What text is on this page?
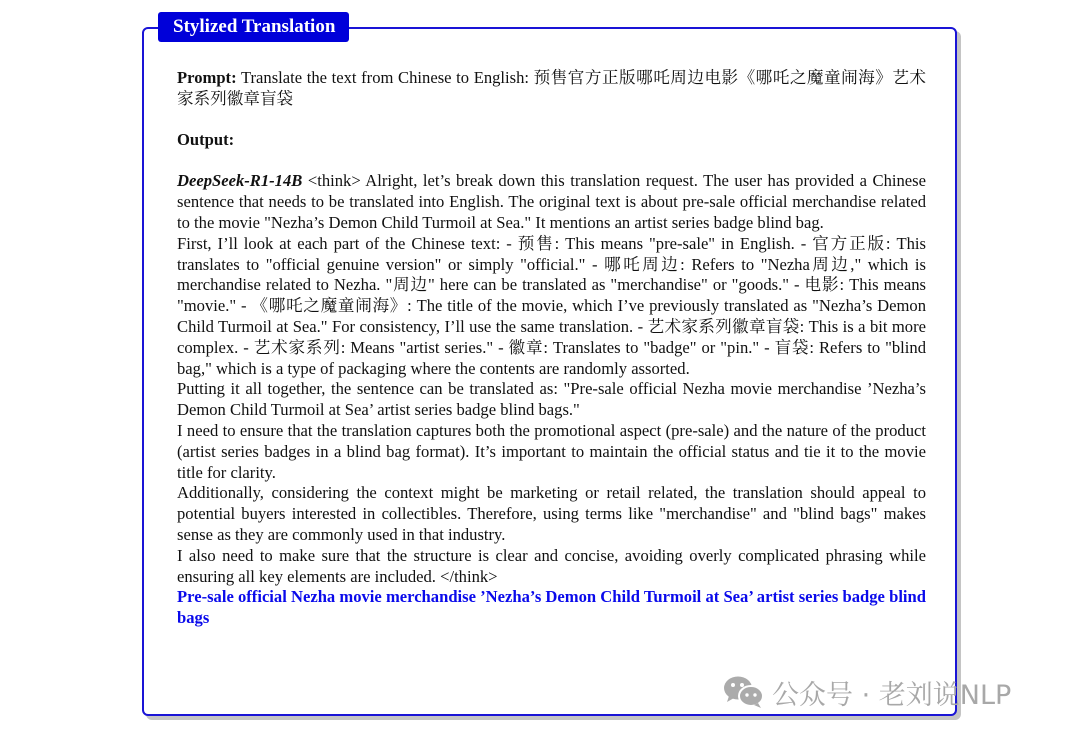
Stylized Translation

Prompt: Translate the text from Chinese to English: 预售官方正版哪吒周边电影《哪吒之魔童闹海》艺术家系列徽章盲袋

Output:

DeepSeek-R1-14B <think> Alright, let’s break down this translation request. The user has provided a Chinese sentence that needs to be translated into English. The original text is about pre-sale official merchandise related to the movie "Nezha’s Demon Child Turmoil at Sea." It mentions an artist series badge blind bag.

First, I’ll look at each part of the Chinese text: - 预售: This means "pre-sale" in English. - 官方正版: This translates to "official genuine version" or simply "official." - 哪吒周边: Refers to "Nezha周边," which is merchandise related to Nezha. "周边" here can be translated as "merchandise" or "goods." - 电影: This means "movie." - 《哪吒之魔童闹海》: The title of the movie, which I’ve previously translated as "Nezha’s Demon Child Turmoil at Sea." For consistency, I’ll use the same translation. - 艺术家系列徽章盲袋: This is a bit more complex. - 艺术家系列: Means "artist series." - 徽章: Translates to "badge" or "pin." - 盲袋: Refers to "blind bag," which is a type of packaging where the contents are randomly assorted.

Putting it all together, the sentence can be translated as: "Pre-sale official Nezha movie merchandise ’Nezha’s Demon Child Turmoil at Sea’ artist series badge blind bags."

I need to ensure that the translation captures both the promotional aspect (pre-sale) and the nature of the product (artist series badges in a blind bag format). It’s important to maintain the official status and tie it to the movie title for clarity.

Additionally, considering the context might be marketing or retail related, the translation should appeal to potential buyers interested in collectibles. Therefore, using terms like "merchandise" and "blind bags" makes sense as they are commonly used in that industry.

I also need to make sure that the structure is clear and concise, avoiding overly complicated phrasing while ensuring all key elements are included. </think>

Pre-sale official Nezha movie merchandise ’Nezha’s Demon Child Turmoil at Sea’ artist series badge blind bags

公众号 · 老刘说NLP
